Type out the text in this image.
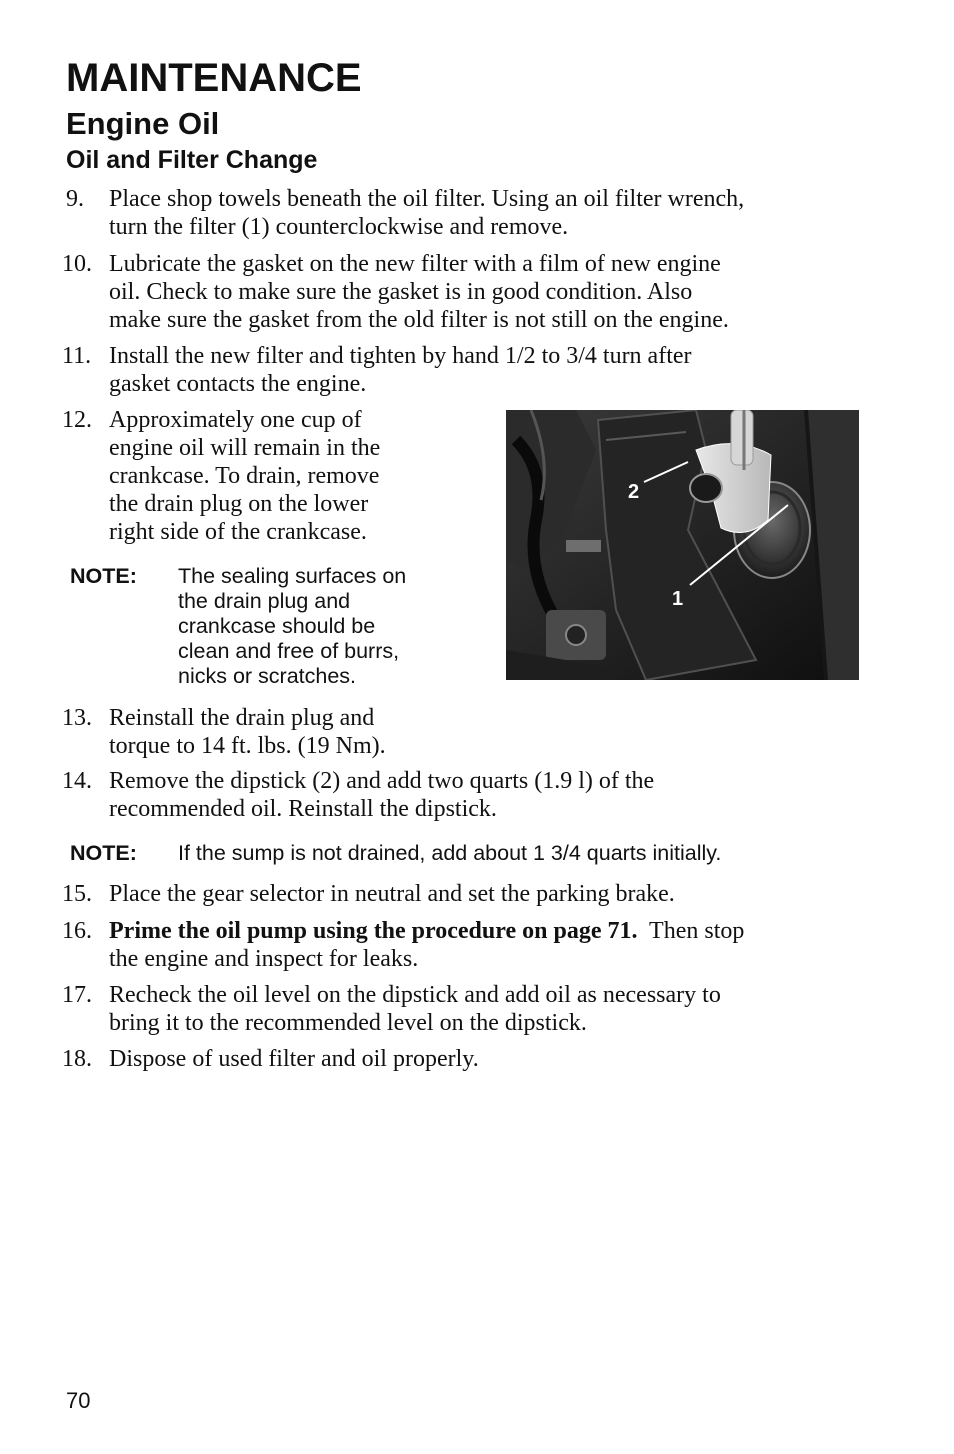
MAINTENANCE
Engine Oil
Oil and Filter Change
9. Place shop towels beneath the oil filter. Using an oil filter wrench,
turn the filter (1) counterclockwise and remove.
10. Lubricate the gasket on the new filter with a film of new engine
oil. Check to make sure the gasket is in good condition. Also
make sure the gasket from the old filter is not still on the engine.
11. Install the new filter and tighten by hand 1/2 to 3/4 turn after
gasket contacts the engine.
12. Approximately one cup of
engine oil will remain in the
crankcase. To drain, remove
the drain plug on the lower
right side of the crankcase.
NOTE: The sealing surfaces on
the drain plug and
crankcase should be
clean and free of burrs,
nicks or scratches.
2
1
13. Reinstall the drain plug and
torque to 14 ft. lbs. (19 Nm).
14. Remove the dipstick (2) and add two quarts (1.9 l) of the
recommended oil. Reinstall the dipstick.
NOTE: If the sump is not drained, add about 1 3/4 quarts initially.
15. Place the gear selector in neutral and set the parking brake.
16. Prime the oil pump using the procedure on page 71.  Then stop
the engine and inspect for leaks.
17. Recheck the oil level on the dipstick and add oil as necessary to
bring it to the recommended level on the dipstick.
18. Dispose of used filter and oil properly.
70
